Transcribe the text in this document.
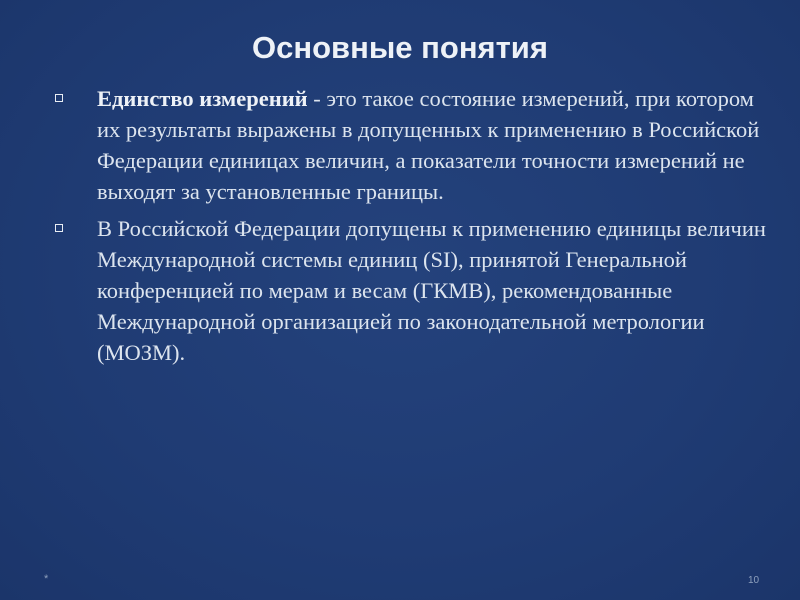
Основные понятия
Единство измерений - это такое состояние измерений, при котором их результаты выражены в допущенных к применению в Российской Федерации единицах величин, а показатели точности измерений не выходят за установленные границы.
В Российской Федерации допущены к применению единицы величин Международной системы единиц (SI), принятой Генеральной конференцией по мерам и весам (ГКМВ), рекомендованные Международной организацией по законодательной метрологии (МОЗМ).
*	10
